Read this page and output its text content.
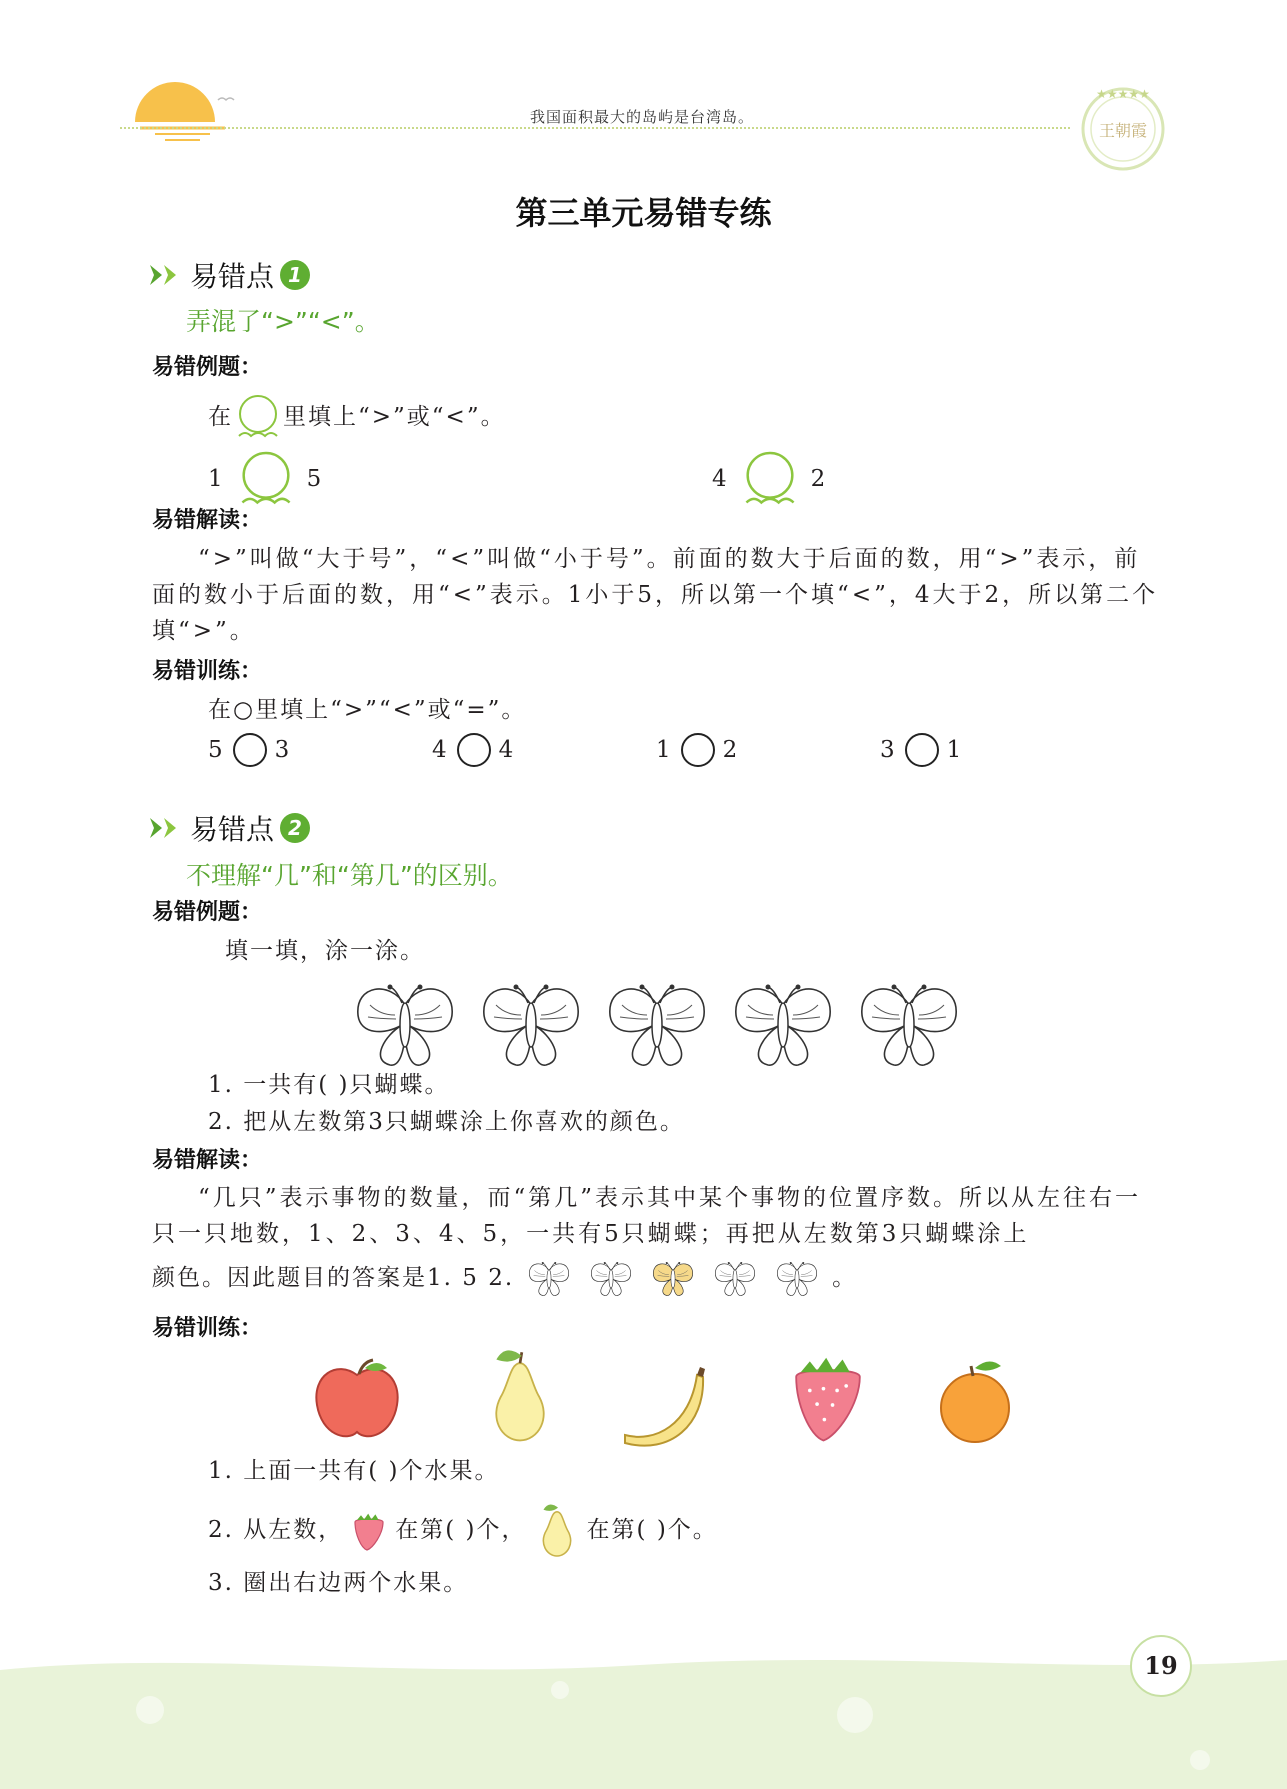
我国面积最大的岛屿是台湾岛。
★★★★★
王朝霞
第三单元易错专练
易错点 1
弄混了“>”“<”。
易错例题：
在 里填上“>”或“<”。
1	5	4	2
易错解读：
“>”叫做“大于号”，“<”叫做“小于号”。前面的数大于后面的数，用“>”表示，前面的数小于后面的数，用“<”表示。1小于5，所以第一个填“<”，4大于2，所以第二个填“>”。
易错训练：
在○里填上“>”“<”或“=”。
5 3	4 4	1 2	3 1
易错点 2
不理解“几”和“第几”的区别。
易错例题：
填一填，涂一涂。
1. 一共有( )只蝴蝶。
2. 把从左数第3只蝴蝶涂上你喜欢的颜色。
易错解读：
“几只”表示事物的数量，而“第几”表示其中某个事物的位置序数。所以从左往右一只一只地数，1、2、3、4、5，一共有5只蝴蝶；再把从左数第3只蝴蝶涂上
颜色。因此题目的答案是1. 5 2.	。
易错训练：
1. 上面一共有( )个水果。
2. 从左数， 在第( )个，	在第( )个。
3. 圈出右边两个水果。
19
